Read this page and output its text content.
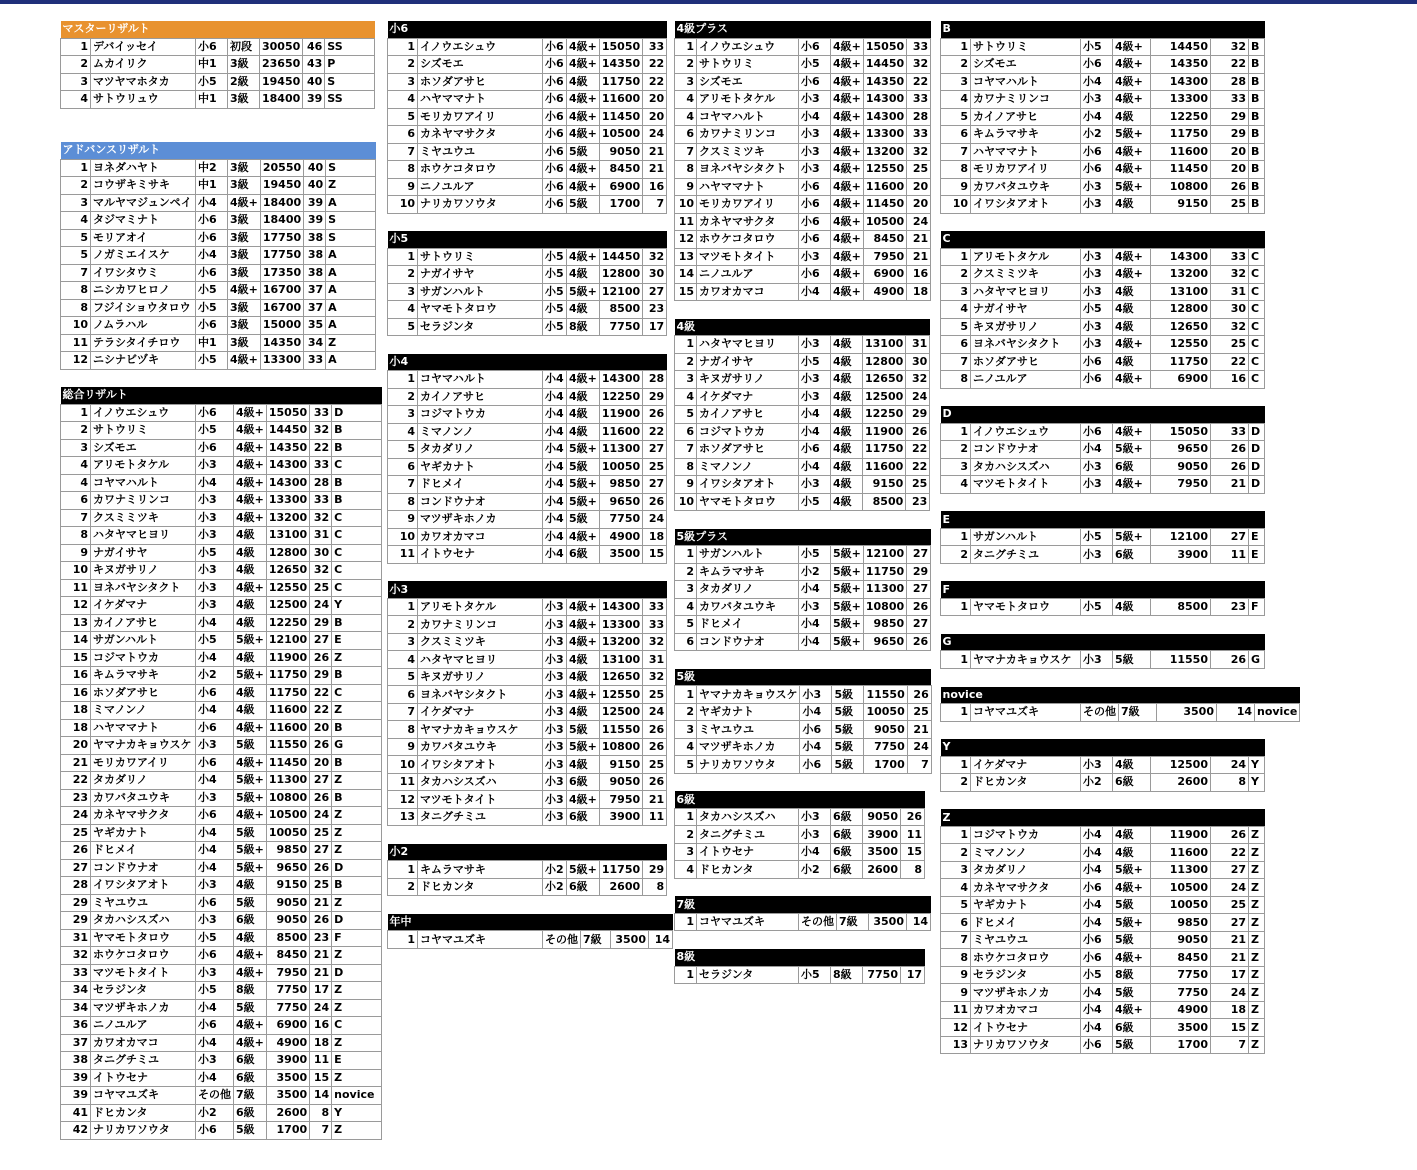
マスターリザルト						
1	デバイッセイ	小6	初段	30050	46	SS
2	ムカイリク	中1	3級	23650	43	P
3	マツヤマホタカ	小5	2級	19450	40	S
4	サトウリュウ	中1	3級	18400	39	SS
アドバンスリザルト						
1	ヨネダハヤト	中2	3級	20550	40	S
2	コウザキミサキ	中1	3級	19450	40	Z
3	マルヤマジュンペイ	小4	4級+	18400	39	A
4	タジマミナト	小6	3級	18400	39	S
5	モリアオイ	小6	3級	17750	38	S
5	ノガミエイスケ	小4	3級	17750	38	A
7	イワシタウミ	小6	3級	17350	38	A
8	ニシカワヒロノ	小5	4級+	16700	37	A
8	フジイショウタロウ	小5	3級	16700	37	A
10	ノムラハル	小6	3級	15000	35	A
11	テラシタイチロウ	中1	3級	14350	34	Z
12	ニシナビヅキ	小5	4級+	13300	33	A
総合リザルト						
1	イノウエシュウ	小6	4級+	15050	33	D
2	サトウリミ	小5	4級+	14450	32	B
3	シズモエ	小6	4級+	14350	22	B
4	アリモトタケル	小3	4級+	14300	33	C
4	コヤマハルト	小4	4級+	14300	28	B
6	カワナミリンコ	小3	4級+	13300	33	B
7	クスミミツキ	小3	4級+	13200	32	C
8	ハタヤマヒヨリ	小3	4級	13100	31	C
9	ナガイサヤ	小5	4級	12800	30	C
10	キヌガサリノ	小3	4級	12650	32	C
11	ヨネバヤシタクト	小3	4級+	12550	25	C
12	イケダマナ	小3	4級	12500	24	Y
13	カイノアサヒ	小4	4級	12250	29	B
14	サガンハルト	小5	5級+	12100	27	E
15	コジマトウカ	小4	4級	11900	26	Z
16	キムラマサキ	小2	5級+	11750	29	B
16	ホソダアサヒ	小6	4級	11750	22	C
18	ミマノンノ	小4	4級	11600	22	Z
18	ハヤママナト	小6	4級+	11600	20	B
20	ヤマナカキョウスケ	小3	5級	11550	26	G
21	モリカワアイリ	小6	4級+	11450	20	B
22	タカダリノ	小4	5級+	11300	27	Z
23	カワバタユウキ	小3	5級+	10800	26	B
24	カネヤマサクタ	小6	4級+	10500	24	Z
25	ヤギカナト	小4	5級	10050	25	Z
26	ドヒメイ	小4	5級+	9850	27	Z
27	コンドウナオ	小4	5級+	9650	26	D
28	イワシタアオト	小3	4級	9150	25	B
29	ミヤユウユ	小6	5級	9050	21	Z
29	タカハシスズハ	小3	6級	9050	26	D
31	ヤマモトタロウ	小5	4級	8500	23	F
32	ホウケコタロウ	小6	4級+	8450	21	Z
33	マツモトタイト	小3	4級+	7950	21	D
34	セラジンタ	小5	8級	7750	17	Z
34	マツザキホノカ	小4	5級	7750	24	Z
36	ニノユルア	小6	4級+	6900	16	C
37	カワオカマコ	小4	4級+	4900	18	Z
38	タニグチミユ	小3	6級	3900	11	E
39	イトウセナ	小4	6級	3500	15	Z
39	コヤマユズキ	その他	7級	3500	14	novice
41	ドヒカンタ	小2	6級	2600	8	Y
42	ナリカワソウタ	小6	5級	1700	7	Z
小6					
1	イノウエシュウ	小6	4級+	15050	33
2	シズモエ	小6	4級+	14350	22
3	ホソダアサヒ	小6	4級	11750	22
4	ハヤママナト	小6	4級+	11600	20
5	モリカワアイリ	小6	4級+	11450	20
6	カネヤマサクタ	小6	4級+	10500	24
7	ミヤユウユ	小6	5級	9050	21
8	ホウケコタロウ	小6	4級+	8450	21
9	ニノユルア	小6	4級+	6900	16
10	ナリカワソウタ	小6	5級	1700	7
小5					
1	サトウリミ	小5	4級+	14450	32
2	ナガイサヤ	小5	4級	12800	30
3	サガンハルト	小5	5級+	12100	27
4	ヤマモトタロウ	小5	4級	8500	23
5	セラジンタ	小5	8級	7750	17
小4					
1	コヤマハルト	小4	4級+	14300	28
2	カイノアサヒ	小4	4級	12250	29
3	コジマトウカ	小4	4級	11900	26
4	ミマノンノ	小4	4級	11600	22
5	タカダリノ	小4	5級+	11300	27
6	ヤギカナト	小4	5級	10050	25
7	ドヒメイ	小4	5級+	9850	27
8	コンドウナオ	小4	5級+	9650	26
9	マツザキホノカ	小4	5級	7750	24
10	カワオカマコ	小4	4級+	4900	18
11	イトウセナ	小4	6級	3500	15
小3					
1	アリモトタケル	小3	4級+	14300	33
2	カワナミリンコ	小3	4級+	13300	33
3	クスミミツキ	小3	4級+	13200	32
4	ハタヤマヒヨリ	小3	4級	13100	31
5	キヌガサリノ	小3	4級	12650	32
6	ヨネバヤシタクト	小3	4級+	12550	25
7	イケダマナ	小3	4級	12500	24
8	ヤマナカキョウスケ	小3	5級	11550	26
9	カワバタユウキ	小3	5級+	10800	26
10	イワシタアオト	小3	4級	9150	25
11	タカハシスズハ	小3	6級	9050	26
12	マツモトタイト	小3	4級+	7950	21
13	タニグチミユ	小3	6級	3900	11
小2					
1	キムラマサキ	小2	5級+	11750	29
2	ドヒカンタ	小2	6級	2600	8
年中
1	コヤマユズキ	その他	7級	3500	14
4級プラス					
1	イノウエシュウ	小6	4級+	15050	33
2	サトウリミ	小5	4級+	14450	32
3	シズモエ	小6	4級+	14350	22
4	アリモトタケル	小3	4級+	14300	33
4	コヤマハルト	小4	4級+	14300	28
6	カワナミリンコ	小3	4級+	13300	33
7	クスミミツキ	小3	4級+	13200	32
8	ヨネバヤシタクト	小3	4級+	12550	25
9	ハヤママナト	小6	4級+	11600	20
10	モリカワアイリ	小6	4級+	11450	20
11	カネヤマサクタ	小6	4級+	10500	24
12	ホウケコタロウ	小6	4級+	8450	21
13	マツモトタイト	小3	4級+	7950	21
14	ニノユルア	小6	4級+	6900	16
15	カワオカマコ	小4	4級+	4900	18
4級					
1	ハタヤマヒヨリ	小3	4級	13100	31
2	ナガイサヤ	小5	4級	12800	30
3	キヌガサリノ	小3	4級	12650	32
4	イケダマナ	小3	4級	12500	24
5	カイノアサヒ	小4	4級	12250	29
6	コジマトウカ	小4	4級	11900	26
7	ホソダアサヒ	小6	4級	11750	22
8	ミマノンノ	小4	4級	11600	22
9	イワシタアオト	小3	4級	9150	25
10	ヤマモトタロウ	小5	4級	8500	23
5級プラス					
1	サガンハルト	小5	5級+	12100	27
2	キムラマサキ	小2	5級+	11750	29
3	タカダリノ	小4	5級+	11300	27
4	カワバタユウキ	小3	5級+	10800	26
5	ドヒメイ	小4	5級+	9850	27
6	コンドウナオ	小4	5級+	9650	26
5級					
1	ヤマナカキョウスケ	小3	5級	11550	26
2	ヤギカナト	小4	5級	10050	25
3	ミヤユウユ	小6	5級	9050	21
4	マツザキホノカ	小4	5級	7750	24
5	ナリカワソウタ	小6	5級	1700	7
6級					
1	タカハシスズハ	小3	6級	9050	26
2	タニグチミユ	小3	6級	3900	11
3	イトウセナ	小4	6級	3500	15
4	ドヒカンタ	小2	6級	2600	8
7級
1	コヤマユズキ	その他	7級	3500	14
8級
1	セラジンタ	小5	8級	7750	17
B						
1	サトウリミ	小5	4級+	14450	32	B
2	シズモエ	小6	4級+	14350	22	B
3	コヤマハルト	小4	4級+	14300	28	B
4	カワナミリンコ	小3	4級+	13300	33	B
5	カイノアサヒ	小4	4級	12250	29	B
6	キムラマサキ	小2	5級+	11750	29	B
7	ハヤママナト	小6	4級+	11600	20	B
8	モリカワアイリ	小6	4級+	11450	20	B
9	カワバタユウキ	小3	5級+	10800	26	B
10	イワシタアオト	小3	4級	9150	25	B
C						
1	アリモトタケル	小3	4級+	14300	33	C
2	クスミミツキ	小3	4級+	13200	32	C
3	ハタヤマヒヨリ	小3	4級	13100	31	C
4	ナガイサヤ	小5	4級	12800	30	C
5	キヌガサリノ	小3	4級	12650	32	C
6	ヨネバヤシタクト	小3	4級+	12550	25	C
7	ホソダアサヒ	小6	4級	11750	22	C
8	ニノユルア	小6	4級+	6900	16	C
D						
1	イノウエシュウ	小6	4級+	15050	33	D
2	コンドウナオ	小4	5級+	9650	26	D
3	タカハシスズハ	小3	6級	9050	26	D
4	マツモトタイト	小3	4級+	7950	21	D
E						
1	サガンハルト	小5	5級+	12100	27	E
2	タニグチミユ	小3	6級	3900	11	E
F
1	ヤマモトタロウ	小5	4級	8500	23	F
G
1	ヤマナカキョウスケ	小3	5級	11550	26	G
novice
1	コヤマユズキ	その他	7級	3500	14	novice
Y						
1	イケダマナ	小3	4級	12500	24	Y
2	ドヒカンタ	小2	6級	2600	8	Y
Z						
1	コジマトウカ	小4	4級	11900	26	Z
2	ミマノンノ	小4	4級	11600	22	Z
3	タカダリノ	小4	5級+	11300	27	Z
4	カネヤマサクタ	小6	4級+	10500	24	Z
5	ヤギカナト	小4	5級	10050	25	Z
6	ドヒメイ	小4	5級+	9850	27	Z
7	ミヤユウユ	小6	5級	9050	21	Z
8	ホウケコタロウ	小6	4級+	8450	21	Z
9	セラジンタ	小5	8級	7750	17	Z
9	マツザキホノカ	小4	5級	7750	24	Z
11	カワオカマコ	小4	4級+	4900	18	Z
12	イトウセナ	小4	6級	3500	15	Z
13	ナリカワソウタ	小6	5級	1700	7	Z
